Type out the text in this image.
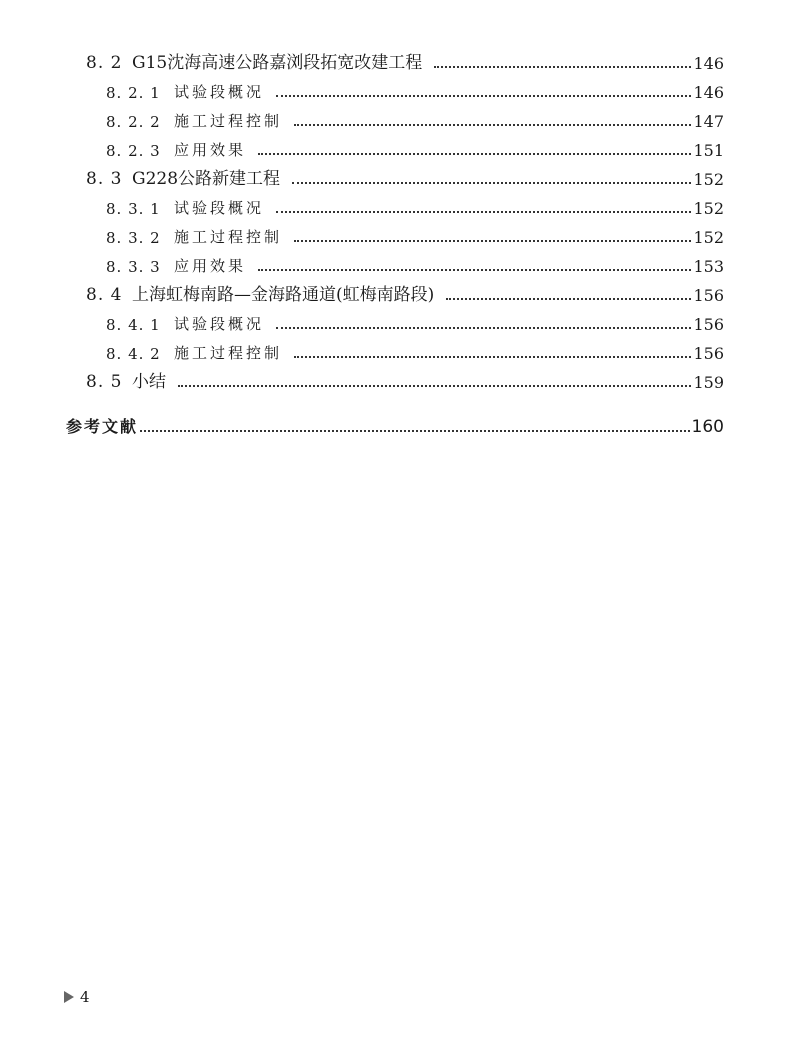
8. 2 G15沈海高速公路嘉浏段拓宽改建工程	146
8. 2. 1 试验段概况	146
8. 2. 2 施工过程控制	147
8. 2. 3 应用效果	151
8. 3 G228公路新建工程	152
8. 3. 1 试验段概况	152
8. 3. 2 施工过程控制	152
8. 3. 3 应用效果	153
8. 4 上海虹梅南路—金海路通道(虹梅南路段)	156
8. 4. 1 试验段概况	156
8. 4. 2 施工过程控制	156
8. 5 小结	159
参考文献	160
4
